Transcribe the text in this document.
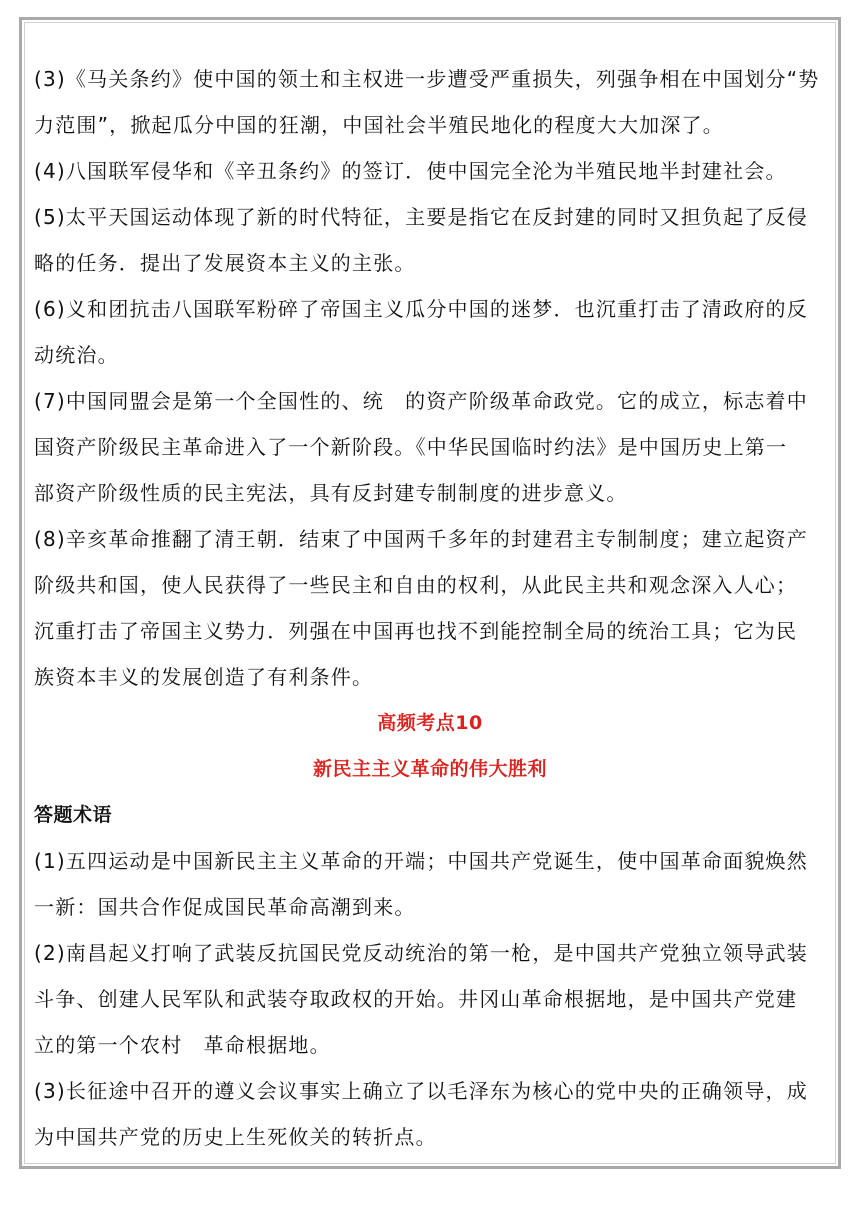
(3)《马关条约》使中国的领土和主权进一步遭受严重损失，列强争相在中国划分“势
力范围”，掀起瓜分中国的狂潮，中国社会半殖民地化的程度大大加深了。
(4)八国联军侵华和《辛丑条约》的签订．使中国完全沦为半殖民地半封建社会。
(5)太平天国运动体现了新的时代特征，主要是指它在反封建的同时又担负起了反侵
略的任务．提出了发展资本主义的主张。
(6)义和团抗击八国联军粉碎了帝国主义瓜分中国的迷梦．也沉重打击了清政府的反
动统治。
(7)中国同盟会是第一个全国性的、统　的资产阶级革命政党。它的成立，标志着中
国资产阶级民主革命进入了一个新阶段。《中华民国临时约法》是中国历史上第一
部资产阶级性质的民主宪法，具有反封建专制制度的进步意义。
(8)辛亥革命推翻了清王朝．结束了中国两千多年的封建君主专制制度；建立起资产
阶级共和国，使人民获得了一些民主和自由的权利，从此民主共和观念深入人心；
沉重打击了帝国主义势力．列强在中国再也找不到能控制全局的统治工具；它为民
族资本丰义的发展创造了有利条件。
高频考点10
新民主主义革命的伟大胜利
答题术语
(1)五四运动是中国新民主主义革命的开端；中国共产党诞生，使中国革命面貌焕然
一新：国共合作促成国民革命高潮到来。
(2)南昌起义打响了武装反抗国民党反动统治的第一枪，是中国共产党独立领导武装
斗争、创建人民军队和武装夺取政权的开始。井冈山革命根据地，是中国共产党建
立的第一个农村　革命根据地。
(3)长征途中召开的遵义会议事实上确立了以毛泽东为核心的党中央的正确领导，成
为中国共产党的历史上生死攸关的转折点。
